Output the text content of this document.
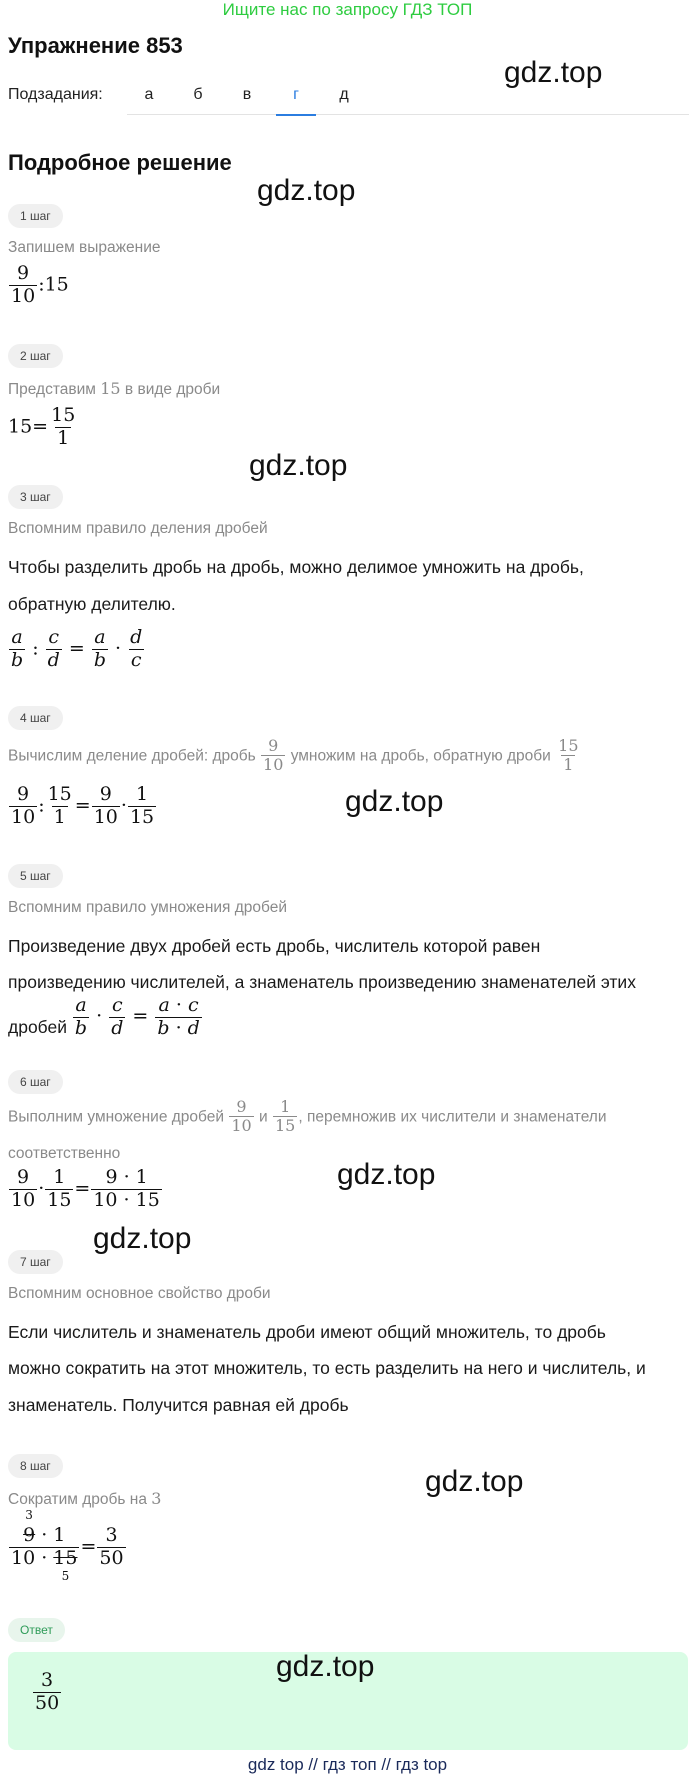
Ищите нас по запросу ГДЗ ТОП
Упражнение 853
gdz.top
Подзадания:	а	б	в	г	д
Подробное решение
gdz.top
1 шаг
Запишем выражение
$\frac{9}{10}$ :15
2 шаг
Представим 15 в виде дроби
$15= \frac{15}{1}$
gdz.top
3 шаг
Вспомним правило деления дробей
Чтобы разделить дробь на дробь, можно делимое умножить на дробь,
обратную делителю.
$\frac{a}{b}$ : $\frac{c}{d} = \frac{a}{b} \cdot \frac{d}{c}$
4 шаг
Вычислим деление дробей: дробь $\frac{9}{10}$ умножим на дробь, обратную дроби $\frac{15}{1}$
$\frac{9}{10}$ : $\frac{15}{1} = \frac{9}{10} \cdot \frac{1}{15}$	gdz.top
5 шаг
Вспомним правило умножения дробей
Произведение двух дробей есть дробь, числитель которой равен
произведению числителей, а знаменатель произведению знаменателей этих
дробей $\frac{a}{b} \cdot \frac{c}{d} = \frac{a \cdot c}{b \cdot d}$
6 шаг
Выполним умножение дробей $\frac{9}{10}$ и $\frac{1}{15}$ , перемножив их числители и знаменатели
соответственно
$\frac{9}{10} \cdot \frac{1}{15} = \frac{9 \cdot 1}{10 \cdot 15}$	gdz.top
gdz.top
7 шаг
Вспомним основное свойство дроби
Если числитель и знаменатель дроби имеют общий множитель, то дробь
можно сократить на этот множитель, то есть разделить на него и числитель, и
знаменатель. Получится равная ей дробь
8 шаг	gdz.top
Сократим дробь на 3
9
3
· 1
10 · 15
$5 = \frac{3}{50}$
Ответ
$\frac{3}{50}$
gdz.top
gdz top // гдз топ // гдз top
